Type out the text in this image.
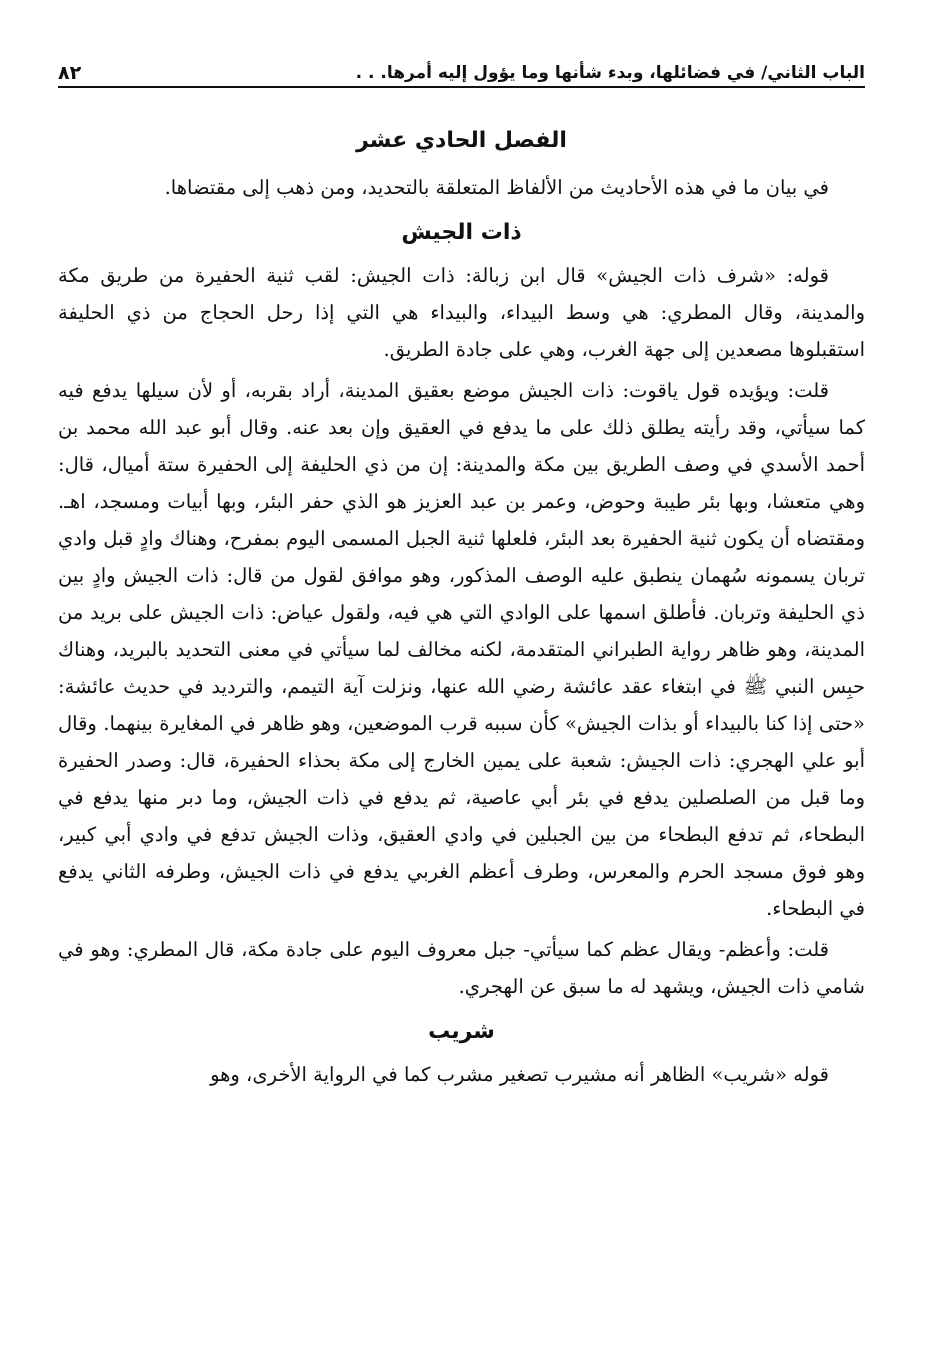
الباب الثاني/ في فضائلها، وبدء شأنها وما يؤول إليه أمرها. . .
٨٢
الفصل الحادي عشر

في بيان ما في هذه الأحاديث من الألفاظ المتعلقة بالتحديد، ومن ذهب إلى مقتضاها.

ذات الجيش

قوله: «شرف ذات الجيش» قال ابن زبالة: ذات الجيش: لقب ثنية الحفيرة من طريق مكة والمدينة، وقال المطري: هي وسط البيداء، والبيداء هي التي إذا رحل الحجاج من ذي الحليفة استقبلوها مصعدين إلى جهة الغرب، وهي على جادة الطريق.

قلت: ويؤيده قول ياقوت: ذات الجيش موضع بعقيق المدينة، أراد بقربه، أو لأن سيلها يدفع فيه كما سيأتي، وقد رأيته يطلق ذلك على ما يدفع في العقيق وإن بعد عنه. وقال أبو عبد الله محمد بن أحمد الأسدي في وصف الطريق بين مكة والمدينة: إن من ذي الحليفة إلى الحفيرة ستة أميال، قال: وهي متعشا، وبها بئر طيبة وحوض، وعمر بن عبد العزيز هو الذي حفر البئر، وبها أبيات ومسجد، اهـ. ومقتضاه أن يكون ثنية الحفيرة بعد البئر، فلعلها ثنية الجبل المسمى اليوم بمفرح، وهناك وادٍ قبل وادي تربان يسمونه سُهمان ينطبق عليه الوصف المذكور، وهو موافق لقول من قال: ذات الجيش وادٍ بين ذي الحليفة وتربان. فأطلق اسمها على الوادي التي هي فيه، ولقول عياض: ذات الجيش على بريد من المدينة، وهو ظاهر رواية الطبراني المتقدمة، لكنه مخالف لما سيأتي في معنى التحديد بالبريد، وهناك حبِس النبي ﷺ في ابتغاء عقد عائشة رضي الله عنها، ونزلت آية التيمم، والترديد في حديث عائشة: «حتى إذا كنا بالبيداء أو بذات الجيش» كأن سببه قرب الموضعين، وهو ظاهر في المغايرة بينهما. وقال أبو علي الهجري: ذات الجيش: شعبة على يمين الخارج إلى مكة بحذاء الحفيرة، قال: وصدر الحفيرة وما قبل من الصلصلين يدفع في بئر أبي عاصية، ثم يدفع في ذات الجيش، وما دبر منها يدفع في البطحاء، ثم تدفع البطحاء من بين الجبلين في وادي العقيق، وذات الجيش تدفع في وادي أبي كبير، وهو فوق مسجد الحرم والمعرس، وطرف أعظم الغربي يدفع في ذات الجيش، وطرفه الثاني يدفع في البطحاء.

قلت: وأعظم- ويقال عظم كما سيأتي- جبل معروف اليوم على جادة مكة، قال المطري: وهو في شامي ذات الجيش، ويشهد له ما سبق عن الهجري.

شريب

قوله «شريب» الظاهر أنه مشيرب تصغير مشرب كما في الرواية الأخرى، وهو
